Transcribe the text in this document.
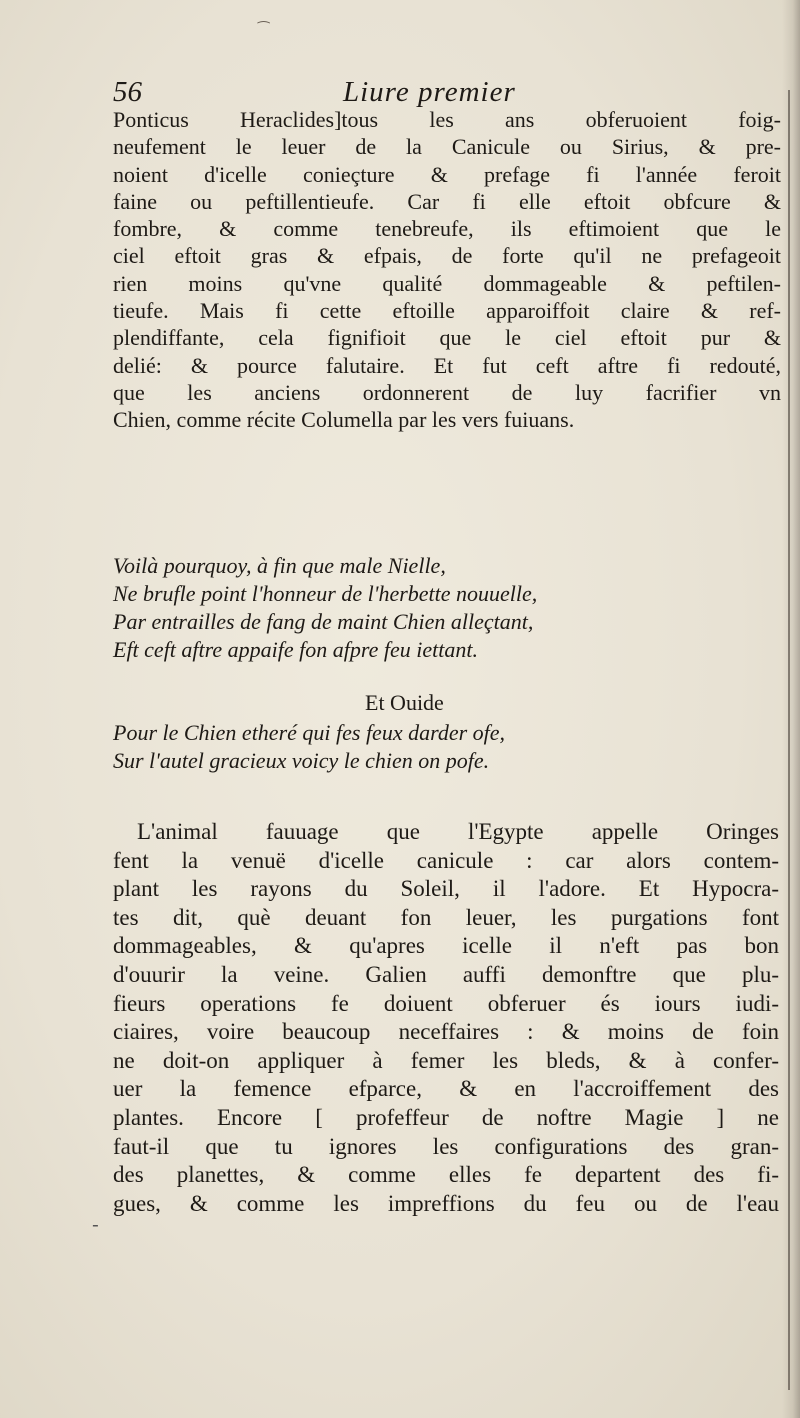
⁀
56	Liure premier
Ponticus Heraclides]tous les ans obferuoient foig-
neufement le leuer de la Canicule ou Sirius, & pre-
noient d'icelle conieçture & prefage fi l'année feroit
faine ou peftillentieufe. Car fi elle eftoit obfcure &
fombre, & comme tenebreufe, ils eftimoient que le
ciel eftoit gras & efpais, de forte qu'il ne prefageoit
rien moins qu'vne qualité dommageable & peftilen-
tieufe. Mais fi cette eftoille apparoiffoit claire & ref-
plendiffante, cela fignifioit que le ciel eftoit pur &
delié: & pource falutaire. Et fut ceft aftre fi redouté,
que les anciens ordonnerent de luy facrifier vn
Chien, comme récite Columella par les vers fuiuans.
Voilà pourquoy, à fin que male Nielle,
Ne brufle point l'honneur de l'herbette nouuelle,
Par entrailles de fang de maint Chien alleçtant,
Eft ceft aftre appaife fon afpre feu iettant.
Et Ouide
Pour le Chien etheré qui fes feux darder ofe,
Sur l'autel gracieux voicy le chien on pofe.
L'animal fauuage que l'Egypte appelle Oringes
fent la venuë d'icelle canicule : car alors contem-
plant les rayons du Soleil, il l'adore. Et Hypocra-
tes dit, què deuant fon leuer, les purgations font
dommageables, & qu'apres icelle il n'eft pas bon
d'ouurir la veine. Galien auffi demonftre que plu-
fieurs operations fe doiuent obferuer és iours iudi-
ciaires, voire beaucoup neceffaires : & moins de foin
ne doit-on appliquer à femer les bleds, & à confer-
uer la femence efparce, & en l'accroiffement des
plantes. Encore [ profeffeur de noftre Magie ] ne
faut-il que tu ignores les configurations des gran-
des planettes, & comme elles fe departent des fi-
gues, & comme les impreffions du feu ou de l'eau
-
